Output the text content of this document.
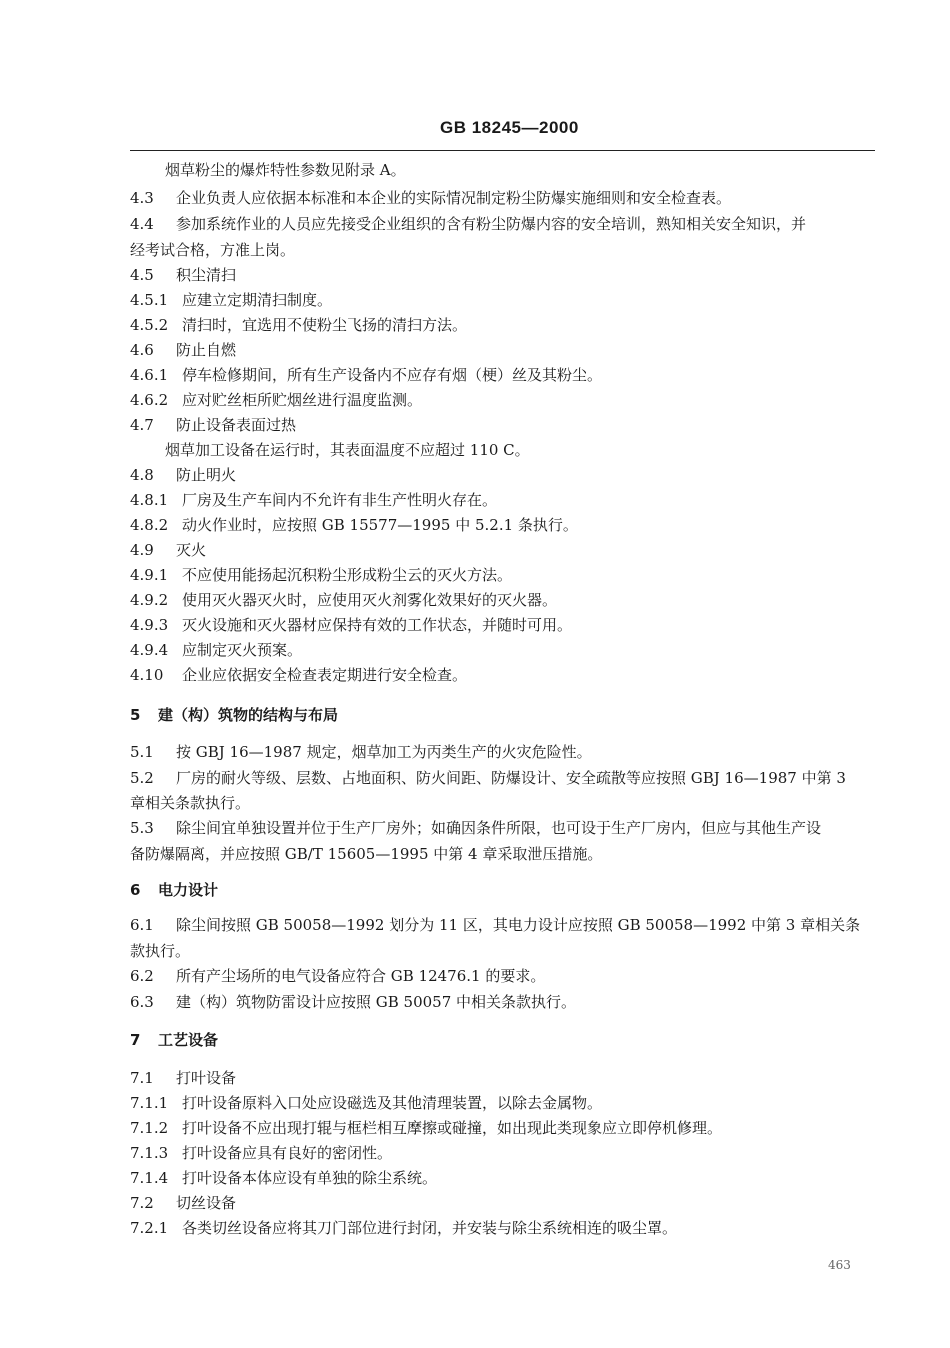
GB 18245—2000
烟草粉尘的爆炸特性参数见附录 A。
4.3 企业负责人应依据本标准和本企业的实际情况制定粉尘防爆实施细则和安全检查表。
4.4 参加系统作业的人员应先接受企业组织的含有粉尘防爆内容的安全培训，熟知相关安全知识，并
经考试合格，方准上岗。
4.5 积尘清扫
4.5.1 应建立定期清扫制度。
4.5.2 清扫时，宜选用不使粉尘飞扬的清扫方法。
4.6 防止自燃
4.6.1 停车检修期间，所有生产设备内不应存有烟（梗）丝及其粉尘。
4.6.2 应对贮丝柜所贮烟丝进行温度监测。
4.7 防止设备表面过热
烟草加工设备在运行时，其表面温度不应超过 110 C。
4.8 防止明火
4.8.1 厂房及生产车间内不允许有非生产性明火存在。
4.8.2 动火作业时，应按照 GB 15577—1995 中 5.2.1 条执行。
4.9 灭火
4.9.1 不应使用能扬起沉积粉尘形成粉尘云的灭火方法。
4.9.2 使用灭火器灭火时，应使用灭火剂雾化效果好的灭火器。
4.9.3 灭火设施和灭火器材应保持有效的工作状态，并随时可用。
4.9.4 应制定灭火预案。
4.10 企业应依据安全检查表定期进行安全检查。
5 建（构）筑物的结构与布局
5.1 按 GBJ 16—1987 规定，烟草加工为丙类生产的火灾危险性。
5.2 厂房的耐火等级、层数、占地面积、防火间距、防爆设计、安全疏散等应按照 GBJ 16—1987 中第 3
章相关条款执行。
5.3 除尘间宜单独设置并位于生产厂房外；如确因条件所限，也可设于生产厂房内，但应与其他生产设
备防爆隔离，并应按照 GB/T 15605—1995 中第 4 章采取泄压措施。
6 电力设计
6.1 除尘间按照 GB 50058—1992 划分为 11 区，其电力设计应按照 GB 50058—1992 中第 3 章相关条
款执行。
6.2 所有产尘场所的电气设备应符合 GB 12476.1 的要求。
6.3 建（构）筑物防雷设计应按照 GB 50057 中相关条款执行。
7 工艺设备
7.1 打叶设备
7.1.1 打叶设备原料入口处应设磁选及其他清理装置，以除去金属物。
7.1.2 打叶设备不应出现打辊与框栏相互摩擦或碰撞，如出现此类现象应立即停机修理。
7.1.3 打叶设备应具有良好的密闭性。
7.1.4 打叶设备本体应设有单独的除尘系统。
7.2 切丝设备
7.2.1 各类切丝设备应将其刀门部位进行封闭，并安装与除尘系统相连的吸尘罩。
463
